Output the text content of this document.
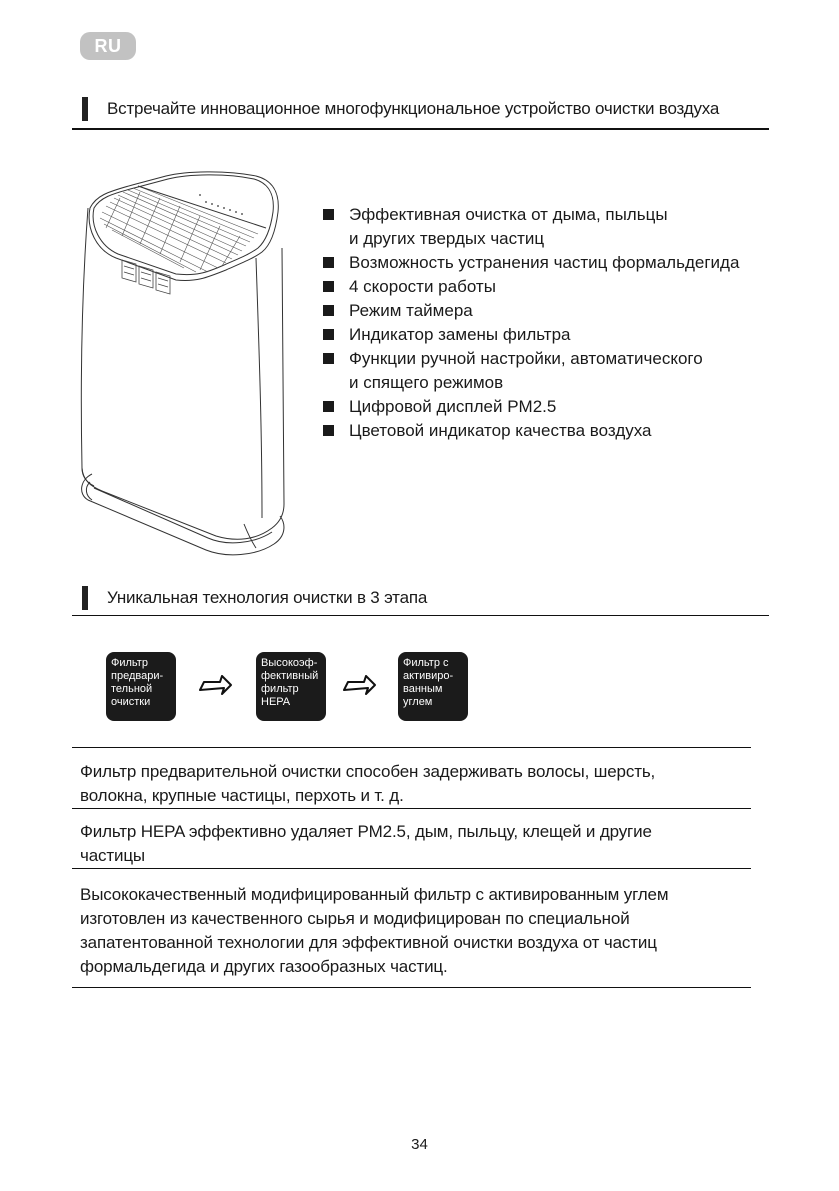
RU
Встречайте инновационное многофункциональное устройство очистки воздуха
Эффективная очистка от дыма, пыльцы
и других твердых частиц
Возможность устранения частиц формальдегида
4 скорости работы
Режим таймера
Индикатор замены фильтра
Функции ручной настройки, автоматического
и спящего режимов
Цифровой дисплей PM2.5
Цветовой индикатор качества воздуха
Уникальная технология очистки в 3 этапа
Фильтр
предвари-
тельной
очистки
Высокоэф-
фективный
фильтр
HEPA
Фильтр с
активиро-
ванным
углем
Фильтр предварительной очистки способен задерживать волосы, шерсть,
волокна, крупные частицы, перхоть и т. д.
Фильтр HEPA эффективно удаляет PM2.5, дым, пыльцу, клещей и другие
частицы
Высококачественный модифицированный фильтр с активированным углем
изготовлен из качественного сырья и модифицирован по специальной
запатентованной технологии для эффективной очистки воздуха от частиц
формальдегида и других газообразных частиц.
34
